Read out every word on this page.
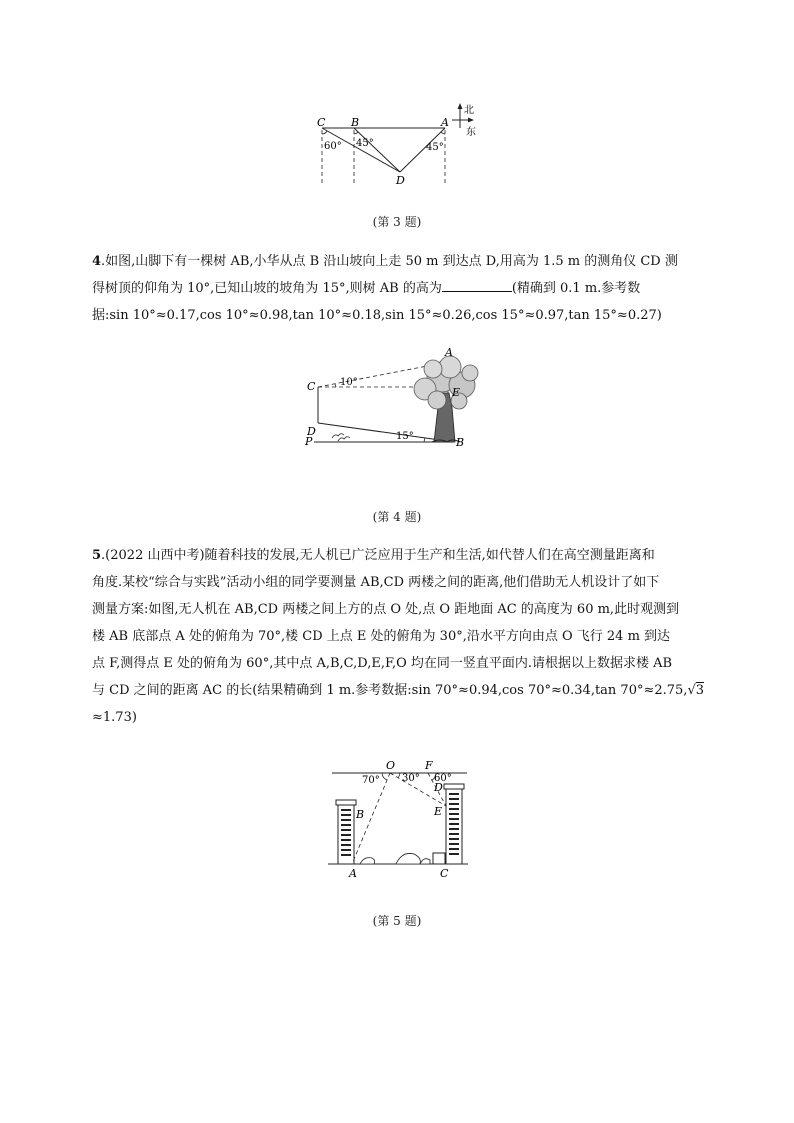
C B	A
D
60° 45°	45°
北
东
(第 3 题)

4.如图,山脚下有一棵树 AB,小华从点 B 沿山坡向上走 50 m 到达点 D,用高为 1.5 m 的测角仪 CD 测

得树顶的仰角为 10°,已知山坡的坡角为 15°,则树 AB 的高为	(精确到 0.1 m.参考数

据:sin 10°≈0.17,cos 10°≈0.98,tan 10°≈0.18,sin 15°≈0.26,cos 15°≈0.97,tan 15°≈0.27)

A
C	E
D
P	B
10°
15°
(第 4 题)

5.(2022 山西中考)随着科技的发展,无人机已广泛应用于生产和生活,如代替人们在高空测量距离和

角度.某校“综合与实践”活动小组的同学要测量 AB,CD 两楼之间的距离,他们借助无人机设计了如下

测量方案:如图,无人机在 AB,CD 两楼之间上方的点 O 处,点 O 距地面 AC 的高度为 60 m,此时观测到

楼 AB 底部点 A 处的俯角为 70°,楼 CD 上点 E 处的俯角为 30°,沿水平方向由点 O 飞行 24 m 到达

点 F,测得点 E 处的俯角为 60°,其中点 A,B,C,D,E,F,O 均在同一竖直平面内.请根据以上数据求楼 AB

与 CD 之间的距离 AC 的长(结果精确到 1 m.参考数据:sin 70°≈0.94,cos 70°≈0.34,tan 70°≈2.75,√3

≈1.73)

O	F
B
D
E
A	C
70° 30° 60°
(第 5 题)
